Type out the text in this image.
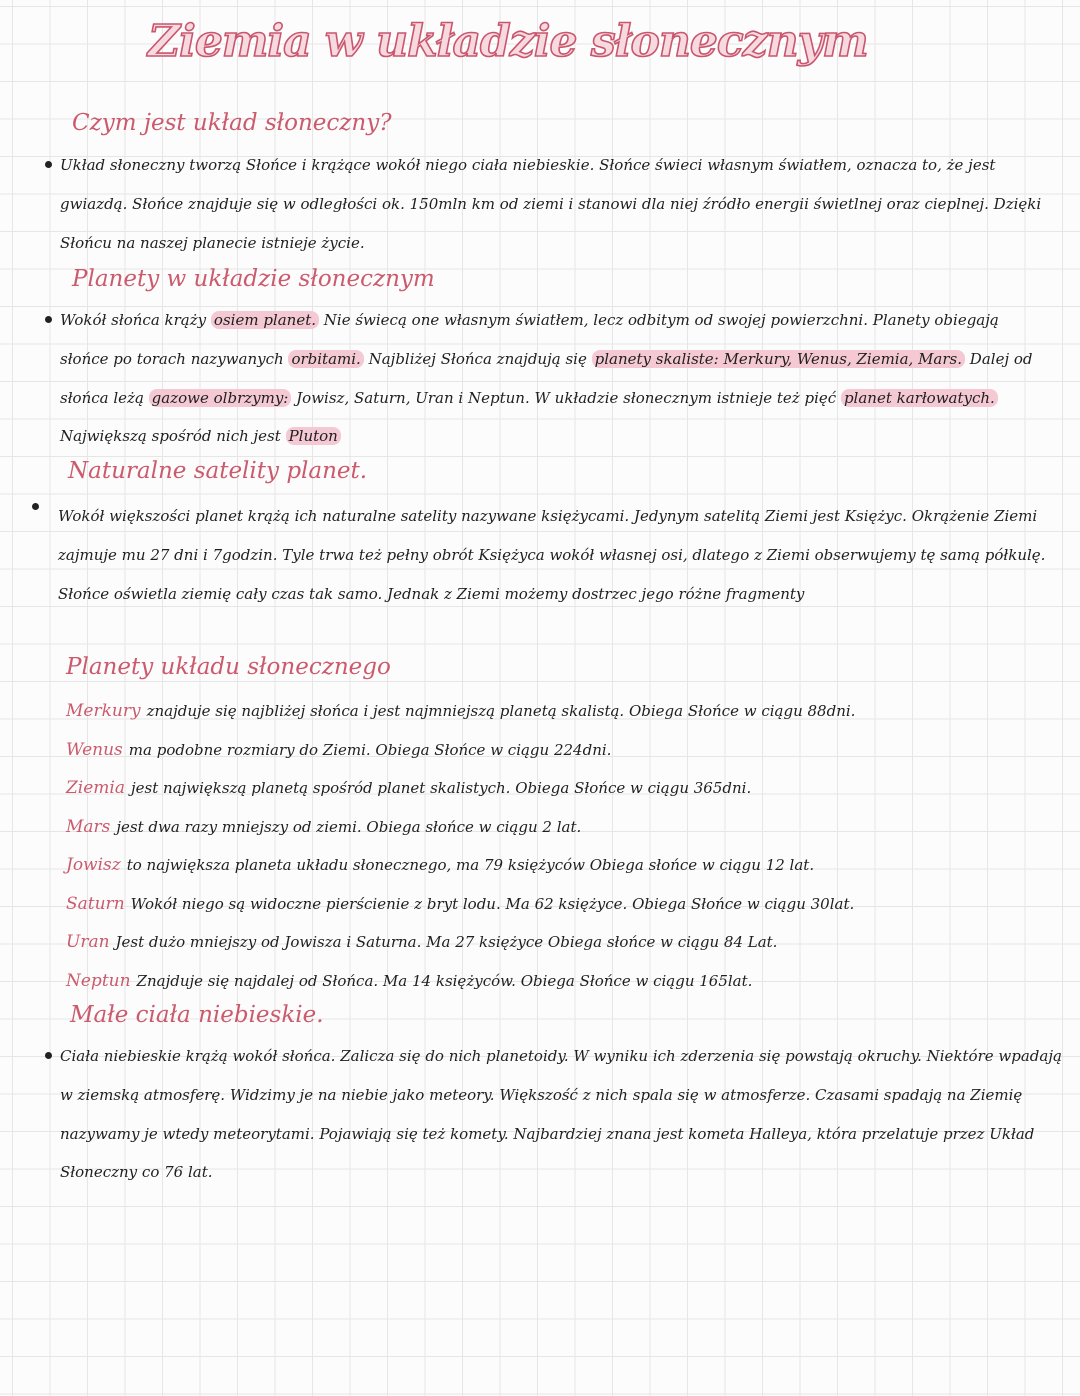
Ziemia w układzie słonecznym
Czym jest układ słoneczny?
Układ słoneczny tworzą Słońce i krążące wokół niego ciała niebieskie. Słońce świeci własnym światłem, oznacza to, że jest gwiazdą. Słońce znajduje się w odległości ok. 150mln km od ziemi i stanowi dla niej źródło energii świetlnej oraz cieplnej. Dzięki Słońcu na naszej planecie istnieje życie.
Planety w układzie słonecznym
Wokół słońca krąży osiem planet. Nie świecą one własnym światłem, lecz odbitym od swojej powierzchni. Planety obiegają słońce po torach nazywanych orbitami. Najbliżej Słońca znajdują się planety skaliste: Merkury, Wenus, Ziemia, Mars. Dalej od słońca leżą gazowe olbrzymy: Jowisz, Saturn, Uran i Neptun. W układzie słonecznym istnieje też pięć planet karłowatych. Największą spośród nich jest Pluton
Naturalne satelity planet.
Wokół większości planet krążą ich naturalne satelity nazywane księżycami. Jedynym satelitą Ziemi jest Księżyc. Okrążenie Ziemi zajmuje mu 27 dni i 7godzin. Tyle trwa też pełny obrót Księżyca wokół własnej osi, dlatego z Ziemi obserwujemy tę samą półkulę. Słońce oświetla ziemię cały czas tak samo. Jednak z Ziemi możemy dostrzec jego różne fragmenty
Planety układu słonecznego
Merkury znajduje się najbliżej słońca i jest najmniejszą planetą skalistą. Obiega Słońce w ciągu 88dni.
Wenus ma podobne rozmiary do Ziemi. Obiega Słońce w ciągu 224dni.
Ziemia jest największą planetą spośród planet skalistych. Obiega Słońce w ciągu 365dni.
Mars jest dwa razy mniejszy od ziemi. Obiega słońce w ciągu 2 lat.
Jowisz to największa planeta układu słonecznego, ma 79 księżyców Obiega słońce w ciągu 12 lat.
Saturn Wokół niego są widoczne pierścienie z bryt lodu. Ma 62 księżyce. Obiega Słońce w ciągu 30lat.
Uran Jest dużo mniejszy od Jowisza i Saturna. Ma 27 księżyce Obiega słońce w ciągu 84 Lat.
Neptun Znajduje się najdalej od Słońca. Ma 14 księżyców. Obiega Słońce w ciągu 165lat.
Małe ciała niebieskie.
Ciała niebieskie krążą wokół słońca. Zalicza się do nich planetoidy. W wyniku ich zderzenia się powstają okruchy. Niektóre wpadają w ziemską atmosferę. Widzimy je na niebie jako meteory. Większość z nich spala się w atmosferze. Czasami spadają na Ziemię nazywamy je wtedy meteorytami. Pojawiają się też komety. Najbardziej znana jest kometa Halleya, która przelatuje przez Układ Słoneczny co 76 lat.
